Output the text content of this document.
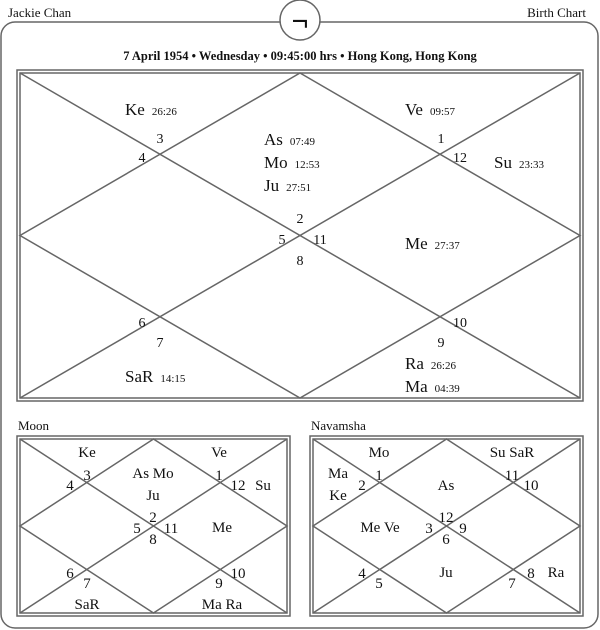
Jackie Chan	Birth Chart
¬
7 April 1954 • Wednesday • 09:45:00 hrs • Hong Kong, Hong Kong
1
2
3
4
5
6
7
8
9
10
11
12
Ke 26:26	Ve 09:57
As 07:49
Mo 12:53
Ju 27:51
Su 23:33
Me 27:37
SaR 14:15
Ra 26:26
Ma 04:39
Moon
1
2
3
4
5
6
7
8
9
10
11
12
Ke	Ve
As Mo
Ju
Su
Me
SaR	Ma Ra
Navamsha
12
3
1	11
9
4
6
7
2	10
5
8
Mo	Su SaR
Ma
Ke
As
Me Ve
Ju	Ra
